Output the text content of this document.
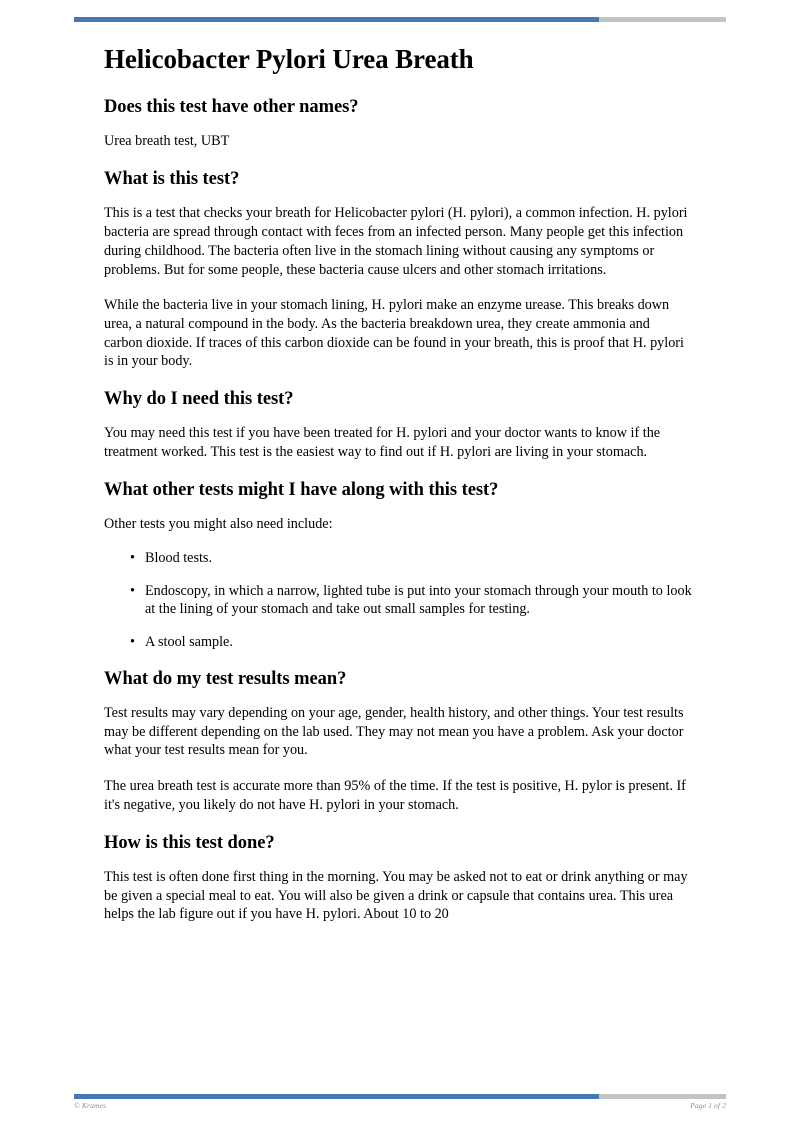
Helicobacter Pylori Urea Breath
Does this test have other names?

Urea breath test, UBT

What is this test?

This is a test that checks your breath for Helicobacter pylori (H. pylori), a common infection. H. pylori bacteria are spread through contact with feces from an infected person. Many people get this infection during childhood. The bacteria often live in the stomach lining without causing any symptoms or problems. But for some people, these bacteria cause ulcers and other stomach irritations.

While the bacteria live in your stomach lining, H. pylori make an enzyme urease. This breaks down urea, a natural compound in the body. As the bacteria breakdown urea, they create ammonia and carbon dioxide. If traces of this carbon dioxide can be found in your breath, this is proof that H. pylori is in your body.

Why do I need this test?

You may need this test if you have been treated for H. pylori and your doctor wants to know if the treatment worked. This test is the easiest way to find out if H. pylori are living in your stomach.

What other tests might I have along with this test?

Other tests you might also need include:

• Blood tests.
• Endoscopy, in which a narrow, lighted tube is put into your stomach through your mouth to look at the lining of your stomach and take out small samples for testing.
• A stool sample.
What do my test results mean?

Test results may vary depending on your age, gender, health history, and other things. Your test results may be different depending on the lab used. They may not mean you have a problem. Ask your doctor what your test results mean for you.

The urea breath test is accurate more than 95% of the time. If the test is positive, H. pylor is present. If it's negative, you likely do not have H. pylori in your stomach.

How is this test done?

This test is often done first thing in the morning. You may be asked not to eat or drink anything or may be given a special meal to eat. You will also be given a drink or capsule that contains urea. This urea helps the lab figure out if you have H. pylori. About 10 to 20

© Krames	Page 1 of 2
